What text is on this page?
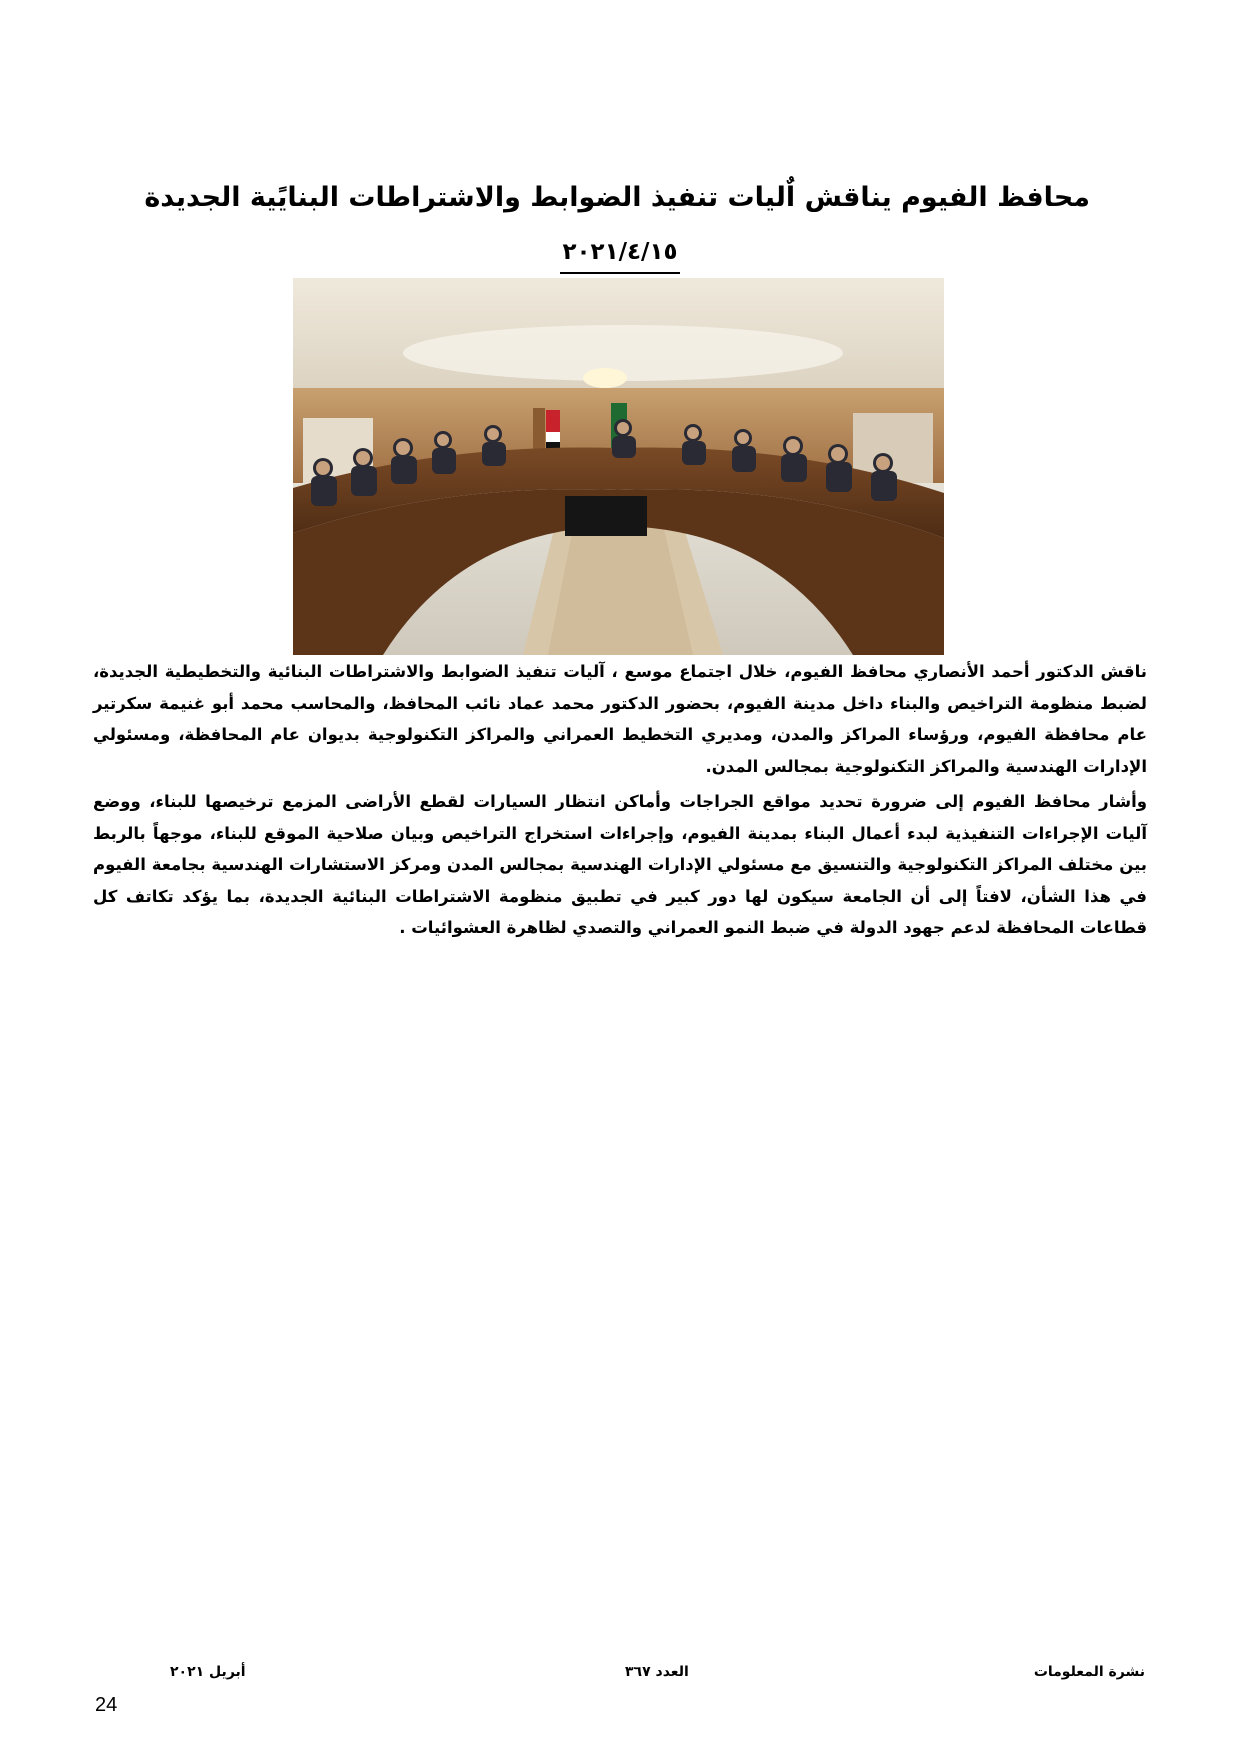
محافظ الفيوم يناقش اٌليات تنفيذ الضوابط والاشتراطات البنايًية الجديدة
٢٠٢١/٤/١٥

ناقش الدكتور أحمد الأنصاري محافظ الفيوم، خلال اجتماع موسع ، آليات تنفيذ الضوابط والاشتراطات البنائية والتخطيطية الجديدة، لضبط منظومة التراخيص والبناء داخل مدينة الفيوم، بحضور الدكتور محمد عماد نائب المحافظ، والمحاسب محمد أبو غنيمة سكرتير عام محافظة الفيوم، ورؤساء المراكز والمدن، ومديري التخطيط العمراني والمراكز التكنولوجية بديوان عام المحافظة، ومسئولي الإدارات الهندسية والمراكز التكنولوجية بمجالس المدن.

وأشار محافظ الفيوم إلى ضرورة تحديد مواقع الجراجات وأماكن انتظار السيارات لقطع الأراضى المزمع ترخيصها للبناء، ووضع آليات الإجراءات التنفيذية لبدء أعمال البناء بمدينة الفيوم، وإجراءات استخراج التراخيص وبيان صلاحية الموقع للبناء، موجهاً بالربط بين مختلف المراكز التكنولوجية والتنسيق مع مسئولي الإدارات الهندسية بمجالس المدن ومركز الاستشارات الهندسية بجامعة الفيوم في هذا الشأن، لافتاً إلى أن الجامعة سيكون لها دور كبير في تطبيق منظومة الاشتراطات البنائية الجديدة، بما يؤكد تكاتف كل قطاعات المحافظة لدعم جهود الدولة في ضبط النمو العمراني والتصدي لظاهرة العشوائيات .

نشرة المعلومات
العدد ٣٦٧
أبريل ٢٠٢١
24
